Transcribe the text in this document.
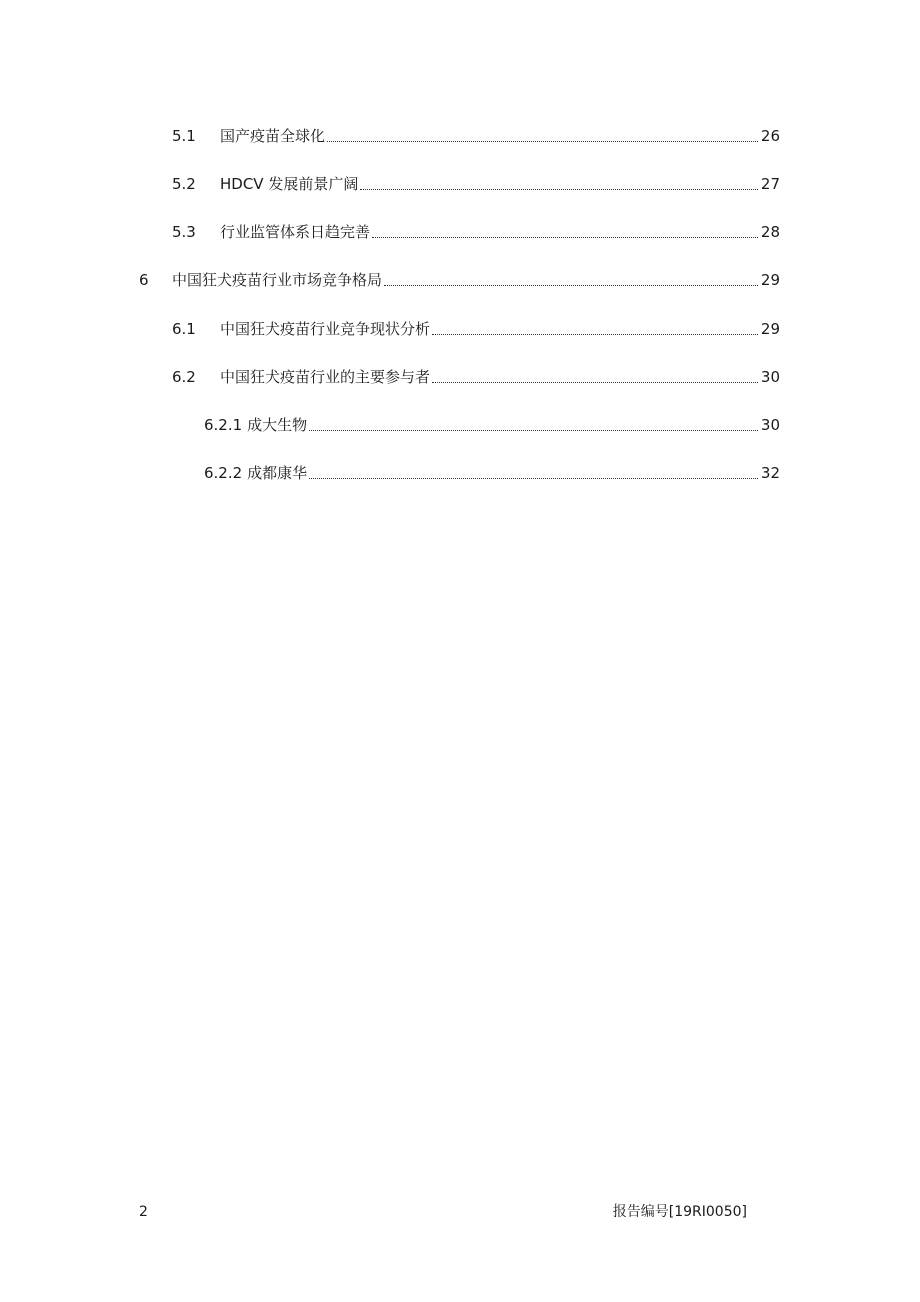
5.1	国产疫苗全球化	26
5.2	HDCV 发展前景广阔	27
5.3	行业监管体系日趋完善	28
6	中国狂犬疫苗行业市场竞争格局	29
6.1	中国狂犬疫苗行业竞争现状分析	29
6.2	中国狂犬疫苗行业的主要参与者	30
6.2.1 成大生物	30
6.2.2 成都康华	32
2	报告编号[19RI0050]
